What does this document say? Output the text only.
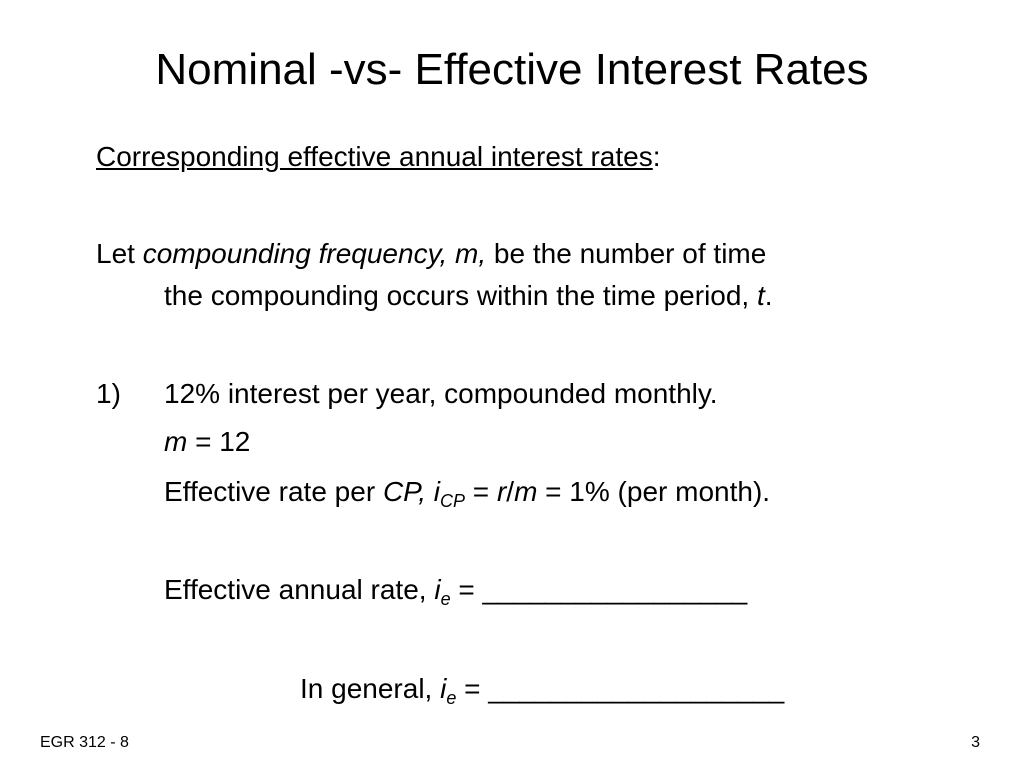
Nominal -vs- Effective Interest Rates
Corresponding effective annual interest rates:
Let compounding frequency, m, be the number of time
the compounding occurs within the time period, t.
1) 12% interest per year, compounded monthly.
m = 12
Effective rate per CP, $i_{CP} = r/m = 1\%$ (per month).
Effective annual rate, $i_e$ = _________________
In general, $i_e$ = ___________________
EGR 312 - 8	3
